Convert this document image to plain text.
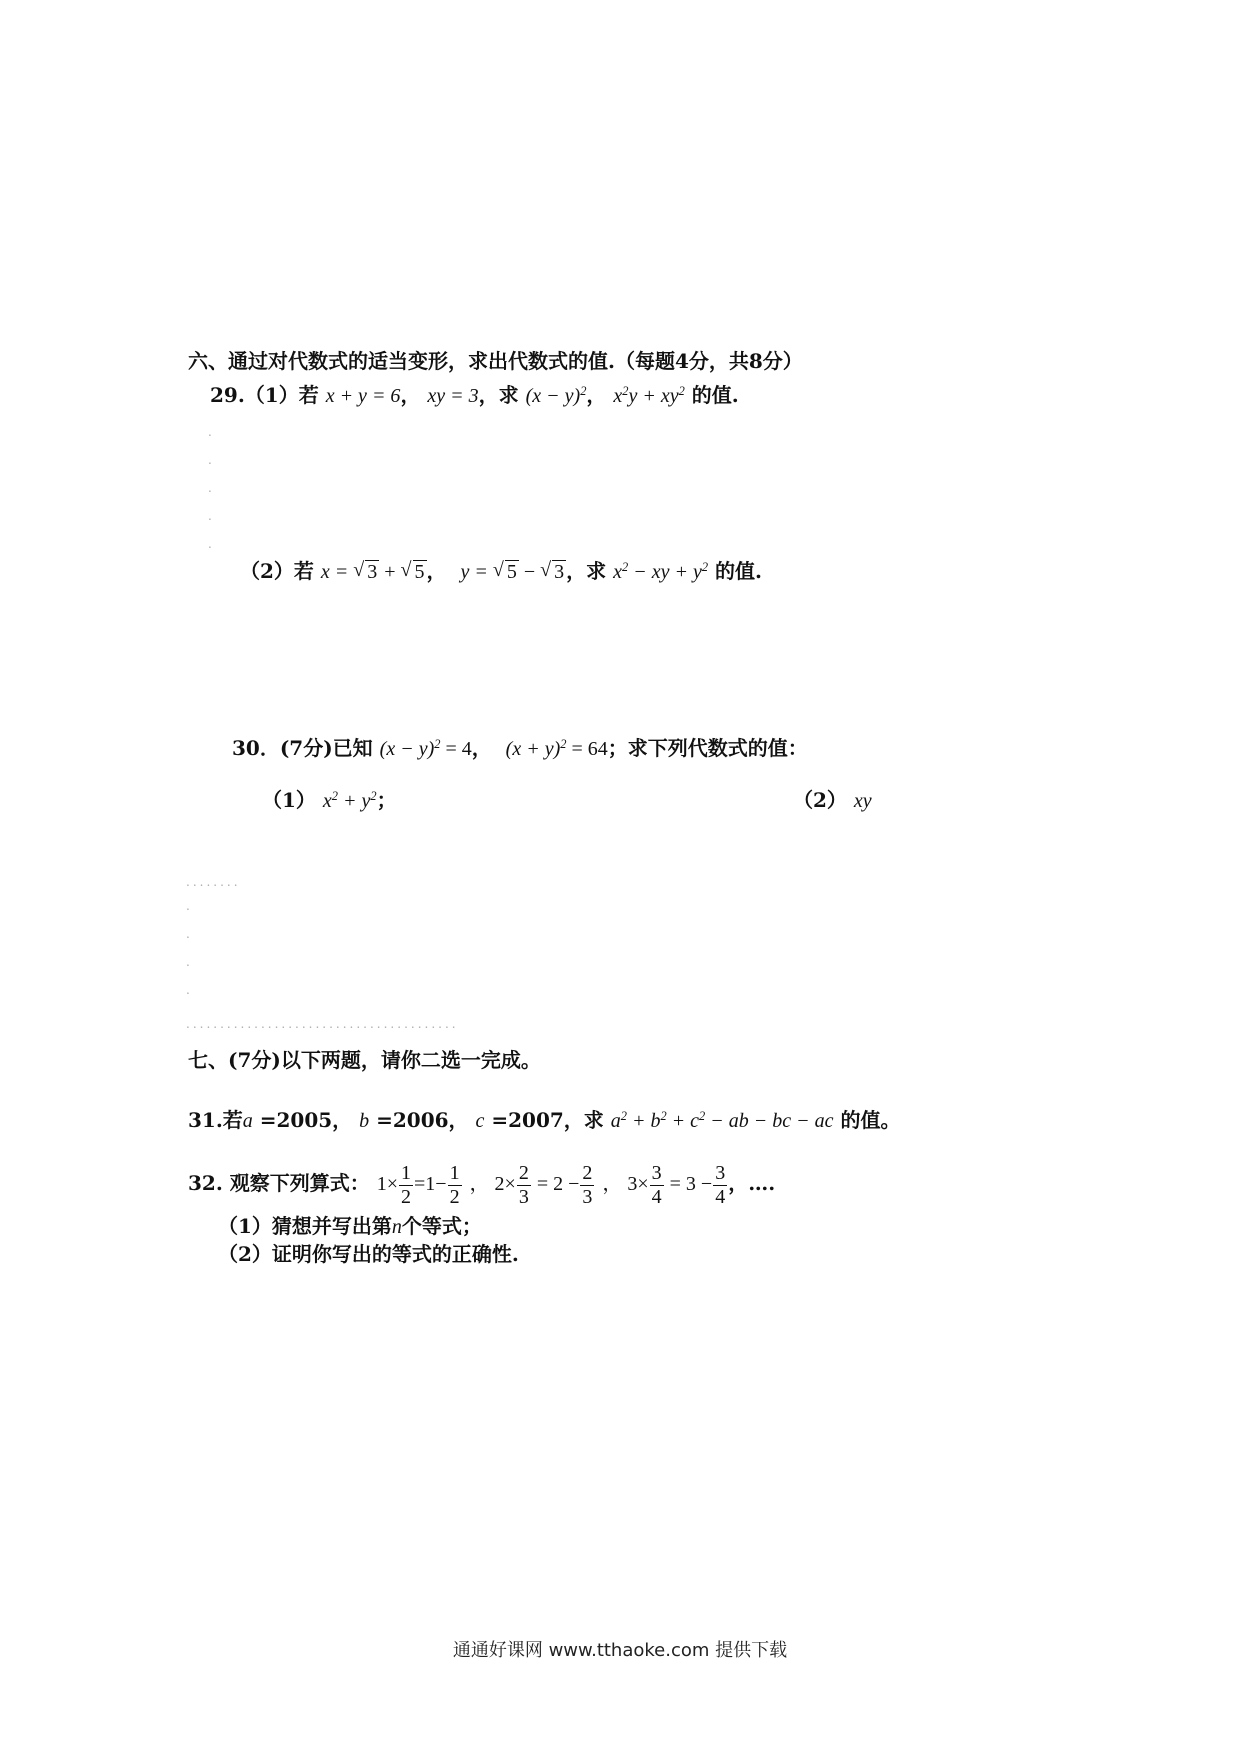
六、通过对代数式的适当变形，求出代数式的值.（每题4分，共8分）
29.（1）若 x + y = 6， xy = 3，求 $(x - y)^2$， $x^2y + xy^2$ 的值.
.
.
.
.
.
（2）若 x = √ 3 + √ 5 ， y = √ 5 − √ 3 ，求 $x^2$ − xy + $y^2$ 的值.
30．(7分)已知 $(x - y)^2 = 4$， $(x + y)^2 = 64$；求下列代数式的值：
（1） $x^2 + y^2$；	（2） xy
........
.
.
.
.

........................................
七、(7分)以下两题，请你二选一完成。
31.若a =2005， b =2006， c =2007，求 $a^2 + b^2 + c^2$ − ab − bc − ac 的值。
32. 观察下列算式： $1\times \frac{1}{2} =1- \frac{1}{2}$ ， $2\times \frac{2}{3} = 2 - \frac{2}{3}$ ， $3\times \frac{3}{4} = 3 - \frac{3}{4}$ ，….
（1）猜想并写出第n个等式；
（2）证明你写出的等式的正确性.
通通好课网 www.tthaoke.com 提供下载
